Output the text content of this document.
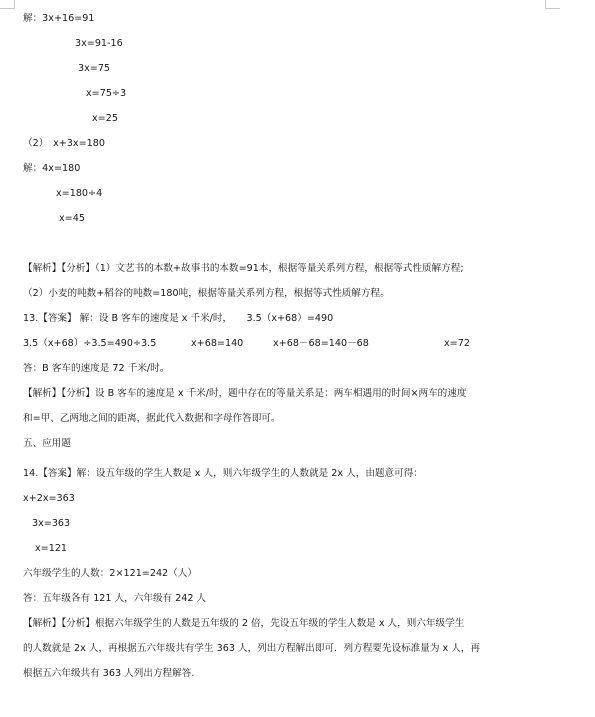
解：3x+16=91
3x=91-16
3x=75
x=75÷3
x=25
（2）　x+3x=180
解：4x=180
x=180÷4
x=45
【解析】【分析】（1）文艺书的本数+故事书的本数=91本，根据等量关系列方程，根据等式性质解方程;
（2）小麦的吨数+稻谷的吨数=180吨，根据等量关系列方程，根据等式性质解方程。
13.【答案】 解：设 B 客车的速度是 x 千米/时，　　3.5（x+68）=490
3.5（x+68）÷3.5=490÷3.5	x+68=140	x+68－68=140－68	x=72
答：B 客车的速度是 72 千米/时。
【解析】【分析】设 B 客车的速度是 x 千米/时，题中存在的等量关系是：两车相遇用的时间×两车的速度
和=甲、乙两地之间的距离，据此代入数据和字母作答即可。
五、应用题
14.【答案】解：设五年级的学生人数是 x 人，则六年级学生的人数就是 2x 人，由题意可得：
x+2x=363
3x=363
x=121
六年级学生的人数：2×121=242（人）
答：五年级各有 121 人，六年级有 242 人
【解析】【分析】根据六年级学生的人数是五年级的 2 倍，先设五年级的学生人数是 x 人，则六年级学生
的人数就是 2x 人，再根据五六年级共有学生 363 人，列出方程解出即可．列方程要先设标准量为 x 人，再
根据五六年级共有 363 人列出方程解答.
